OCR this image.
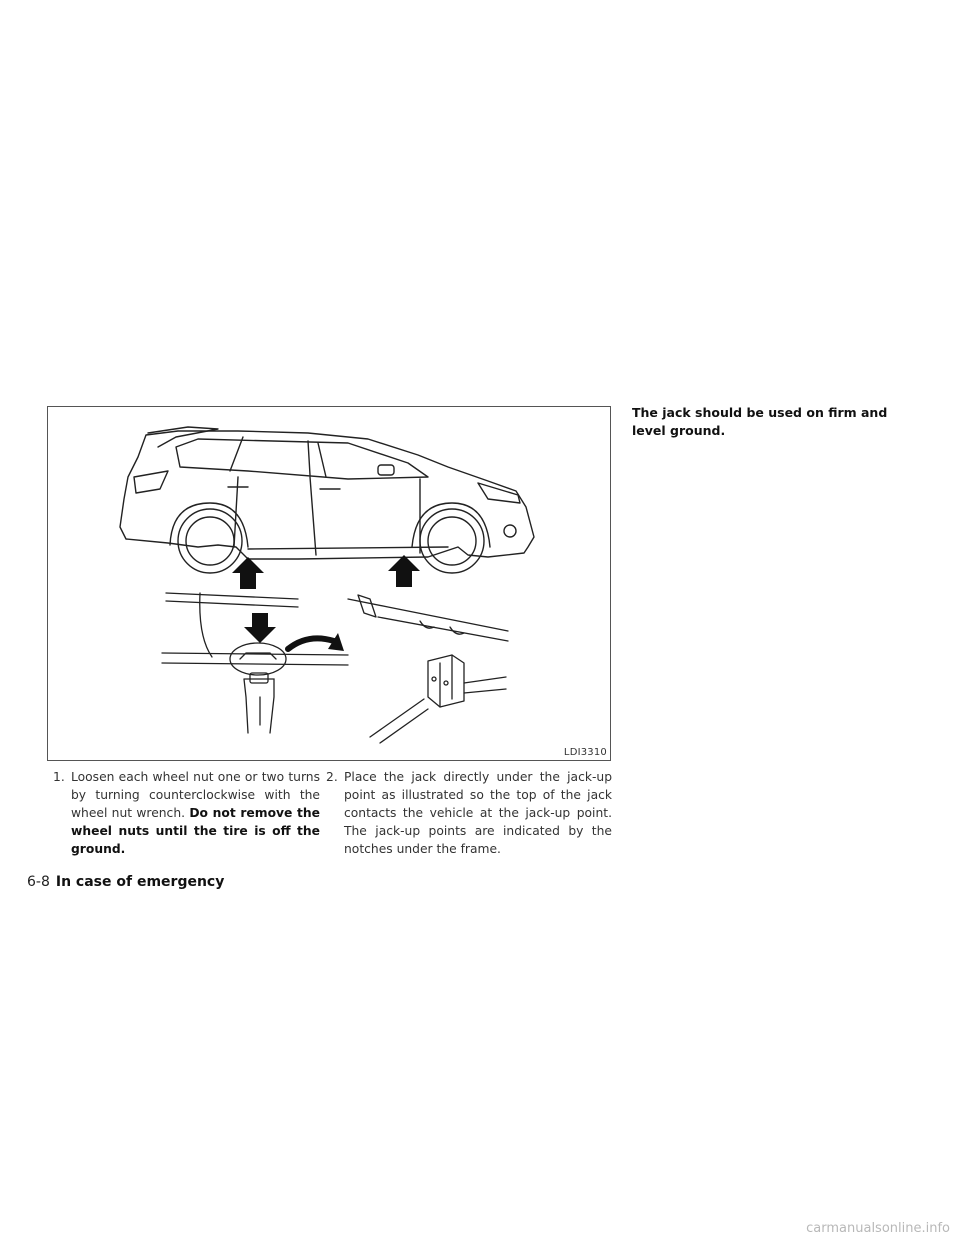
LDI3310
1. Loosen each wheel nut one or two turns by turning counterclockwise with the wheel nut wrench. Do not remove the wheel nuts until the tire is off the ground.
2. Place the jack directly under the jack-up point as illustrated so the top of the jack contacts the vehicle at the jack-up point. The jack-up points are indicated by the notches under the frame.
The jack should be used on firm and level ground.
6-8 In case of emergency
carmanualsonline.info
